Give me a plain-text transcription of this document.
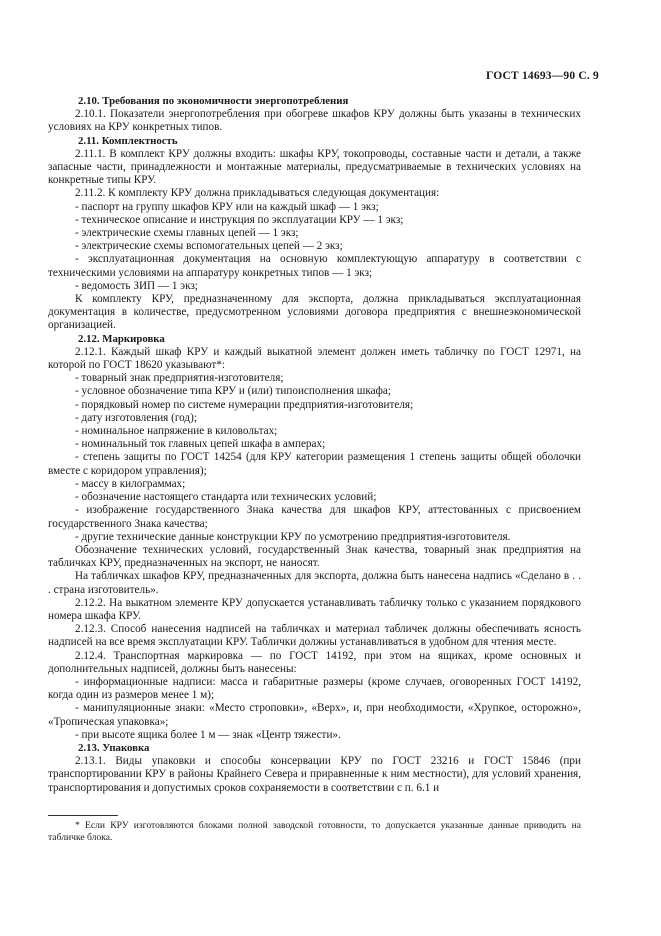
ГОСТ 14693—90 С. 9

2.10. Требования по экономичности энергопотребления

2.10.1. Показатели энергопотребления при обогреве шкафов КРУ должны быть указаны в технических условиях на КРУ конкретных типов.

2.11. Комплектность

2.11.1. В комплект КРУ должны входить: шкафы КРУ, токопроводы, составные части и детали, а также запасные части, принадлежности и монтажные материалы, предусматриваемые в технических условиях на конкретные типы КРУ.

2.11.2. К комплекту КРУ должна прикладываться следующая документация:

- паспорт на группу шкафов КРУ или на каждый шкаф — 1 экз;

- техническое описание и инструкция по эксплуатации КРУ — 1 экз;

- электрические схемы главных цепей — 1 экз;

- электрические схемы вспомогательных цепей — 2 экз;

- эксплуатационная документация на основную комплектующую аппаратуру в соответствии с техническими условиями на аппаратуру конкретных типов — 1 экз;

- ведомость ЗИП — 1 экз;

К комплекту КРУ, предназначенному для экспорта, должна прикладываться эксплуатационная документация в количестве, предусмотренном условиями договора предприятия с внешнеэкономической организацией.

2.12. Маркировка

2.12.1. Каждый шкаф КРУ и каждый выкатной элемент должен иметь табличку по ГОСТ 12971, на которой по ГОСТ 18620 указывают*:

- товарный знак предприятия-изготовителя;

- условное обозначение типа КРУ и (или) типоисполнения шкафа;

- порядковый номер по системе нумерации предприятия-изготовителя;

- дату изготовления (год);

- номинальное напряжение в киловольтах;

- номинальный ток главных цепей шкафа в амперах;

- степень защиты по ГОСТ 14254 (для КРУ категории размещения 1 степень защиты общей оболочки вместе с коридором управления);

- массу в килограммах;

- обозначение настоящего стандарта или технических условий;

- изображение государственного Знака качества для шкафов КРУ, аттестованных с присвоением государственного Знака качества;

- другие технические данные конструкции КРУ по усмотрению предприятия-изготовителя.

Обозначение технических условий, государственный Знак качества, товарный знак предприятия на табличках КРУ, предназначенных на экспорт, не наносят.

На табличках шкафов КРУ, предназначенных для экспорта, должна быть нанесена надпись «Сделано в . . . страна изготовитель».

2.12.2. На выкатном элементе КРУ допускается устанавливать табличку только с указанием порядкового номера шкафа КРУ.

2.12.3. Способ нанесения надписей на табличках и материал табличек должны обеспечивать ясность надписей на все время эксплуатации КРУ. Таблички должны устанавливаться в удобном для чтения месте.

2.12.4. Транспортная маркировка — по ГОСТ 14192, при этом на ящиках, кроме основных и дополнительных надписей, должны быть нанесены:

- информационные надписи: масса и габаритные размеры (кроме случаев, оговоренных ГОСТ 14192, когда один из размеров менее 1 м);

- манипуляционные знаки: «Место строповки», «Верх», и, при необходимости, «Хрупкое, осторожно», «Тропическая упаковка»;

- при высоте ящика более 1 м — знак «Центр тяжести».

2.13. Упаковка

2.13.1. Виды упаковки и способы консервации КРУ по ГОСТ 23216 и ГОСТ 15846 (при транспортировании КРУ в районы Крайнего Севера и приравненные к ним местности), для условий хранения, транспортирования и допустимых сроков сохраняемости в соответствии с п. 6.1 и

* Если КРУ изготовляются блоками полной заводской готовности, то допускается указанные данные приводить на табличке блока.
